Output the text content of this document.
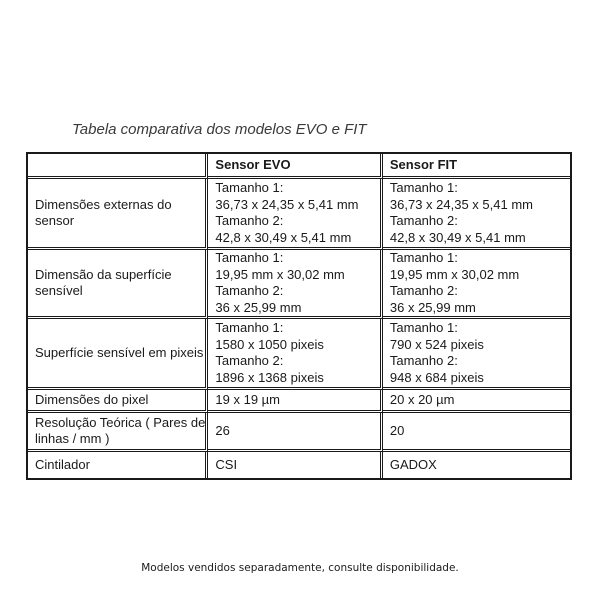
Tabela comparativa dos modelos EVO e FIT
	Sensor EVO	Sensor FIT
Dimensões externas do sensor	Tamanho 1:
36,73 x 24,35 x 5,41 mm
Tamanho 2:
42,8 x 30,49 x 5,41 mm	Tamanho 1:
36,73 x 24,35 x 5,41 mm
Tamanho 2:
42,8 x 30,49 x 5,41 mm

Dimensão da superfície sensível	Tamanho 1:
19,95 mm x 30,02 mm
Tamanho 2:
36 x 25,99 mm	Tamanho 1:
19,95 mm x 30,02 mm
Tamanho 2:
36 x 25,99 mm

Superfície sensível em pixeis	Tamanho 1:
1580 x 1050 pixeis
Tamanho 2:
1896 x 1368 pixeis	Tamanho 1:
790 x 524 pixeis
Tamanho 2:
948 x 684 pixeis

Dimensões do pixel	19 x 19 µm	20 x 20 µm

Resolução Teórica ( Pares de linhas / mm )	26	20

Cintilador	CSI	GADOX
Modelos vendidos separadamente, consulte disponibilidade.
